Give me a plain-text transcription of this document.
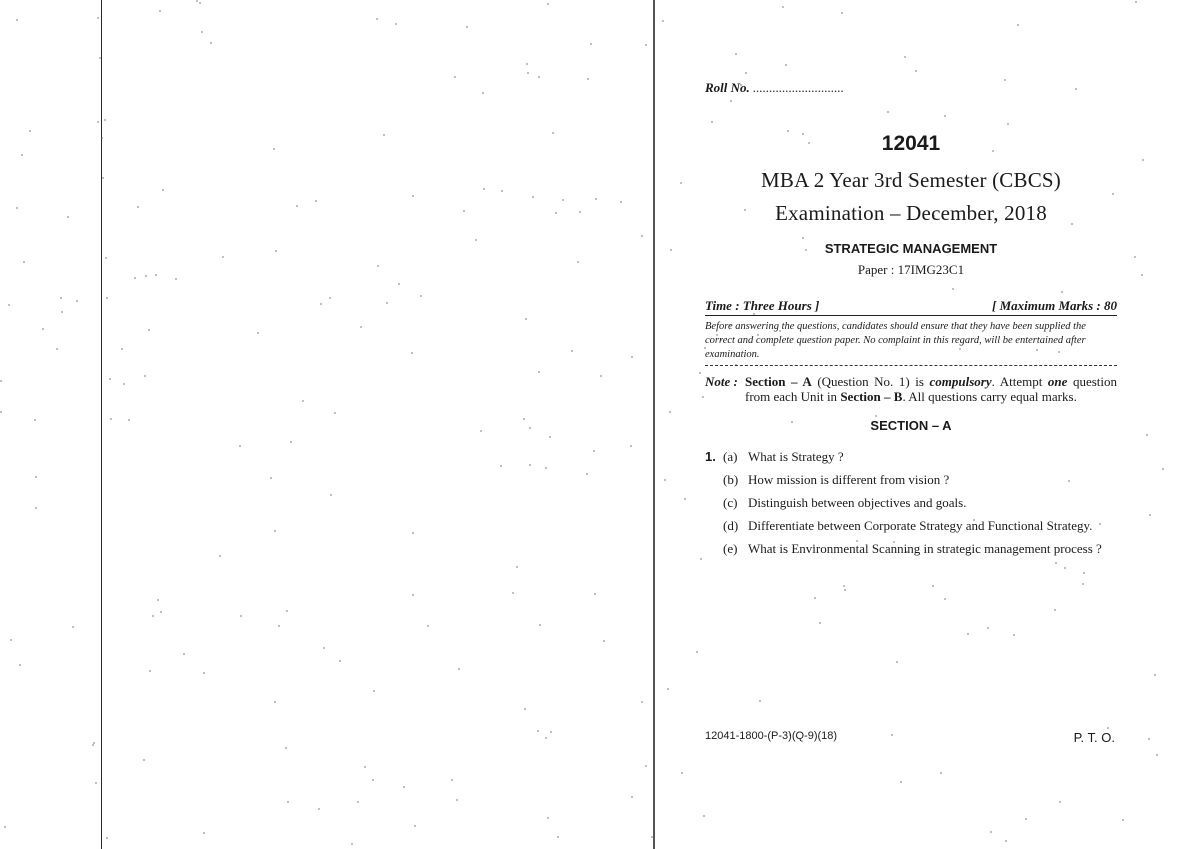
Roll No. ............................
12041
MBA 2 Year 3rd Semester (CBCS)
Examination – December, 2018
STRATEGIC MANAGEMENT
Paper : 17IMG23C1
Time : Three Hours ]	[ Maximum Marks : 80
Before answering the questions, candidates should ensure that they have been supplied the correct and complete question paper. No complaint in this regard, will be entertained after examination.
Note : Section – A (Question No. 1) is compulsory. Attempt one question from each Unit in Section – B. All questions carry equal marks.
SECTION – A
1. (a) What is Strategy ?
(b) How mission is different from vision ?
(c) Distinguish between objectives and goals.
(d) Differentiate between Corporate Strategy and Functional Strategy.
(e) What is Environmental Scanning in strategic management process ?
12041-1800-(P-3)(Q-9)(18)	P. T. O.
